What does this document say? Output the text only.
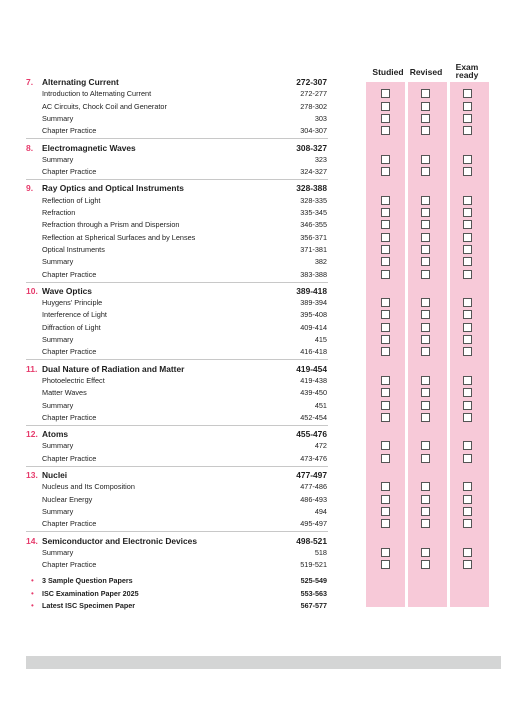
Studied Revised	Exam
ready
7. Alternating Current	272-307
Introduction to Alternating Current	272-277
AC Circuits, Chock Coil and Generator	278-302
Summary	303
Chapter Practice	304-307
8. Electromagnetic Waves	308-327
Summary	323
Chapter Practice	324-327
9. Ray Optics and Optical Instruments	328-388
Reflection of Light	328-335
Refraction	335-345
Refraction through a Prism and Dispersion	346-355
Reflection at Spherical Surfaces and by Lenses	356-371
Optical Instruments	371-381
Summary	382
Chapter Practice	383-388
10. Wave Optics	389-418
Huygens' Principle	389-394
Interference of Light	395-408
Diffraction of Light	409-414
Summary	415
Chapter Practice	416-418
11. Dual Nature of Radiation and Matter	419-454
Photoelectric Effect	419-438
Matter Waves	439-450
Summary	451
Chapter Practice	452-454
12. Atoms	455-476
Summary	472
Chapter Practice	473-476
13. Nuclei	477-497
Nucleus and Its Composition	477-486
Nuclear Energy	486-493
Summary	494
Chapter Practice	495-497
14. Semiconductor and Electronic Devices	498-521
Summary	518
Chapter Practice	519-521
• 3 Sample Question Papers	525-549
• ISC Examination Paper 2025	553-563
• Latest ISC Specimen Paper	567-577
